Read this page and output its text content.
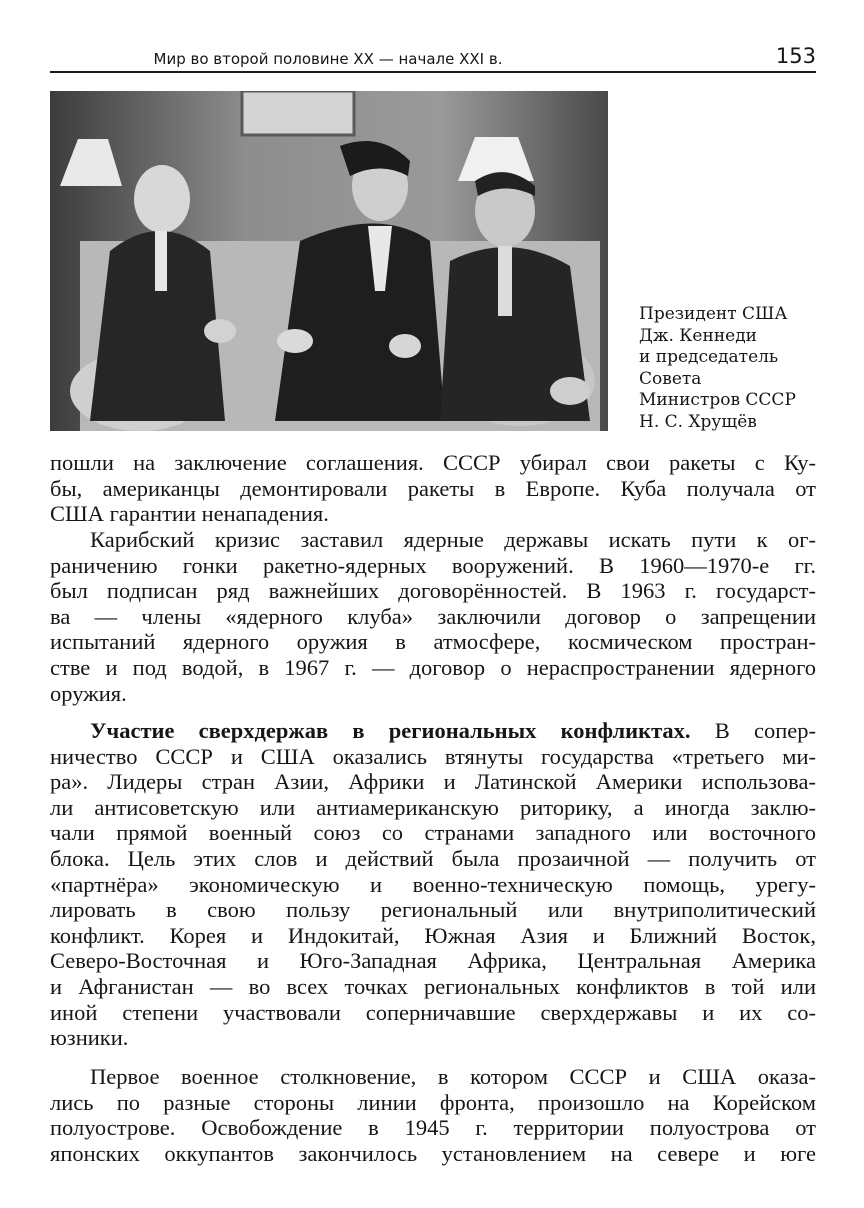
Мир во второй половине XX — начале XXI в.	153
Президент США
Дж. Кеннеди
и председатель
Совета
Министров СССР
Н. С. Хрущёв
пошли на заключение соглашения. СССР убирал свои ракеты с Ку-
бы, американцы демонтировали ракеты в Европе. Куба получала от
США гарантии ненападения.
Карибский кризис заставил ядерные державы искать пути к ог-
раничению гонки ракетно-ядерных вооружений. В 1960—1970-е гг.
был подписан ряд важнейших договорённостей. В 1963 г. государст-
ва — члены «ядерного клуба» заключили договор о запрещении
испытаний ядерного оружия в атмосфере, космическом простран-
стве и под водой, в 1967 г. — договор о нераспространении ядерного
оружия.
Участие сверхдержав в региональных конфликтах. В сопер-
ничество СССР и США оказались втянуты государства «третьего ми-
ра». Лидеры стран Азии, Африки и Латинской Америки использова-
ли антисоветскую или антиамериканскую риторику, а иногда заклю-
чали прямой военный союз со странами западного или восточного
блока. Цель этих слов и действий была прозаичной — получить от
«партнёра» экономическую и военно-техническую помощь, урегу-
лировать в свою пользу региональный или внутриполитический
конфликт. Корея и Индокитай, Южная Азия и Ближний Восток,
Северо-Восточная и Юго-Западная Африка, Центральная Америка
и Афганистан — во всех точках региональных конфликтов в той или
иной степени участвовали соперничавшие сверхдержавы и их со-
юзники.
Первое военное столкновение, в котором СССР и США оказа-
лись по разные стороны линии фронта, произошло на Корейском
полуострове. Освобождение в 1945 г. территории полуострова от
японских оккупантов закончилось установлением на севере и юге
